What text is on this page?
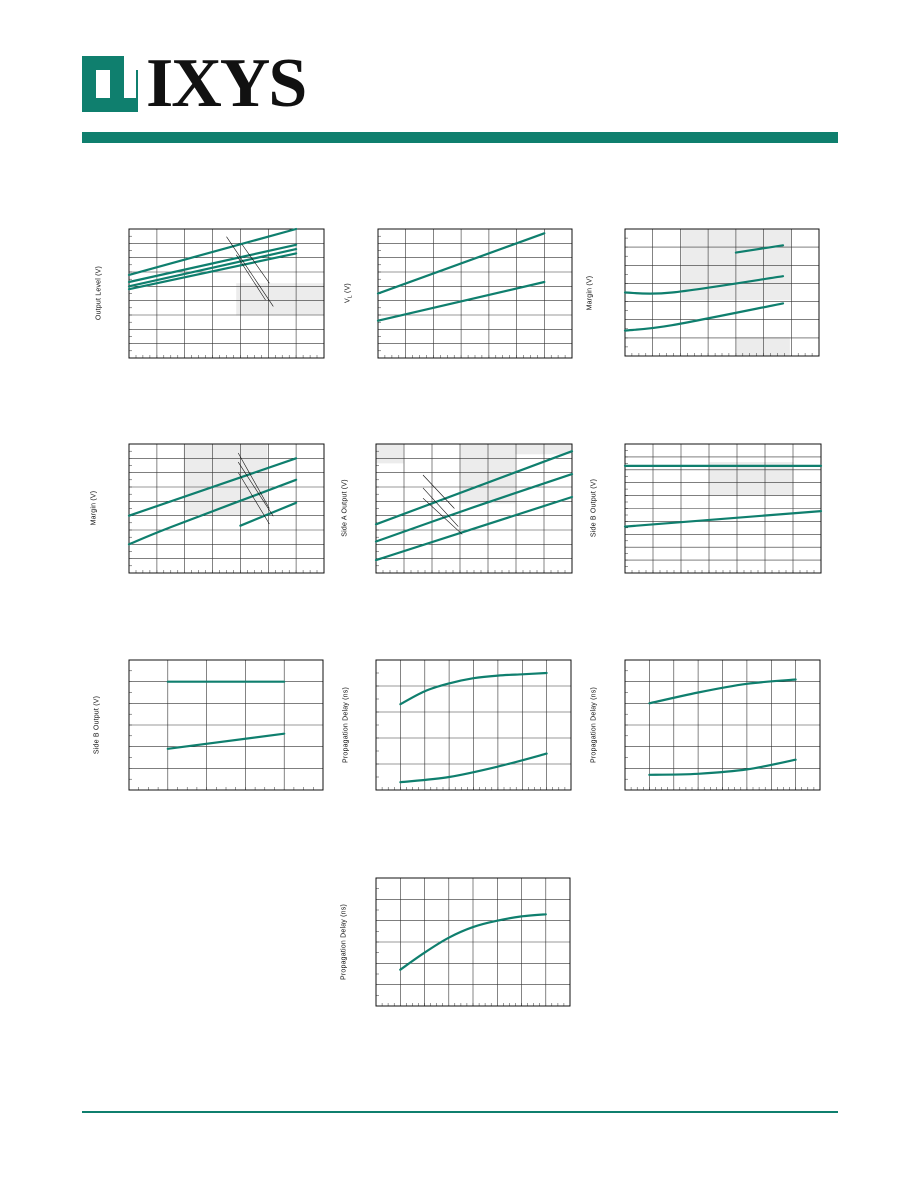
IXYS
Output Level (V)	$V_L$ (V)	Margin (V)
Margin (V)	Side A Output (V)	Side B Output (V)
Side B Output (V)	Propagation Delay (ns)	Propagation Delay (ns)
Propagation Delay (ns)
